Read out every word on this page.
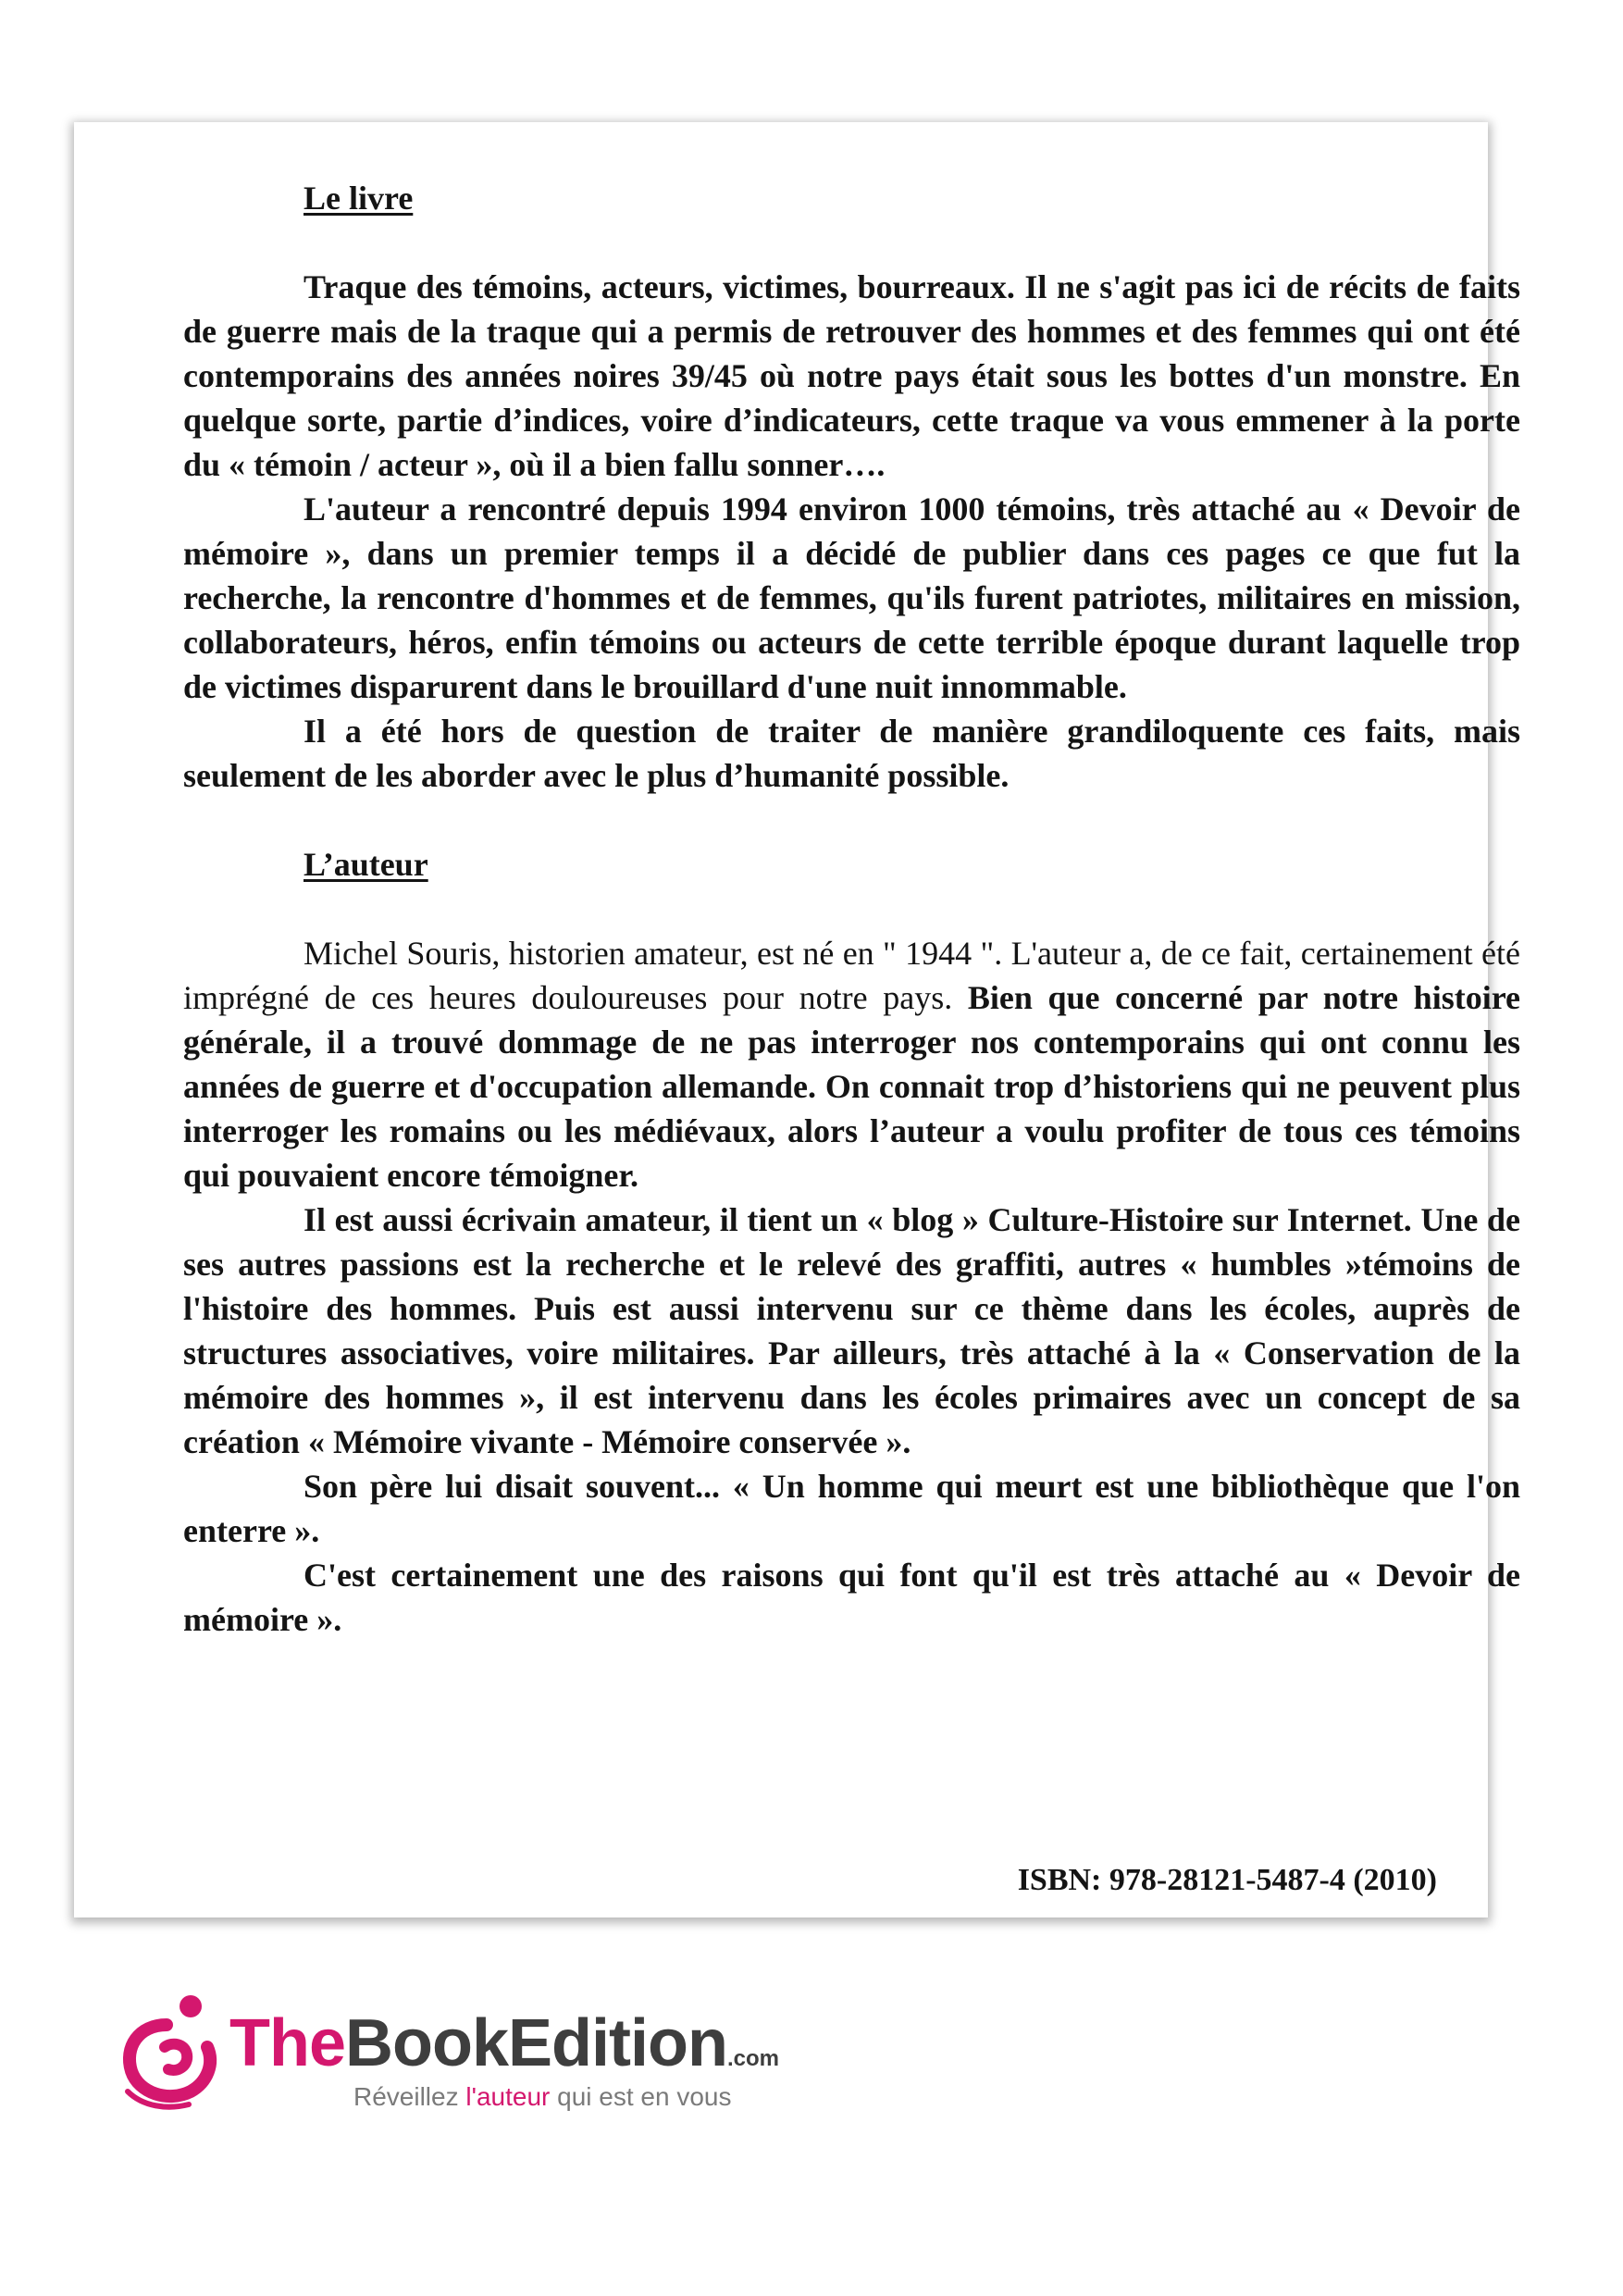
Le livre

Traque des témoins, acteurs, victimes, bourreaux. Il ne s'agit pas ici de récits de faits de guerre mais de la traque qui a permis de retrouver des hommes et des femmes qui ont été contemporains des années noires 39/45 où notre pays était sous les bottes d'un monstre. En quelque sorte, partie d’indices, voire d’indicateurs, cette traque va vous emmener à la porte du « témoin / acteur », où il a bien fallu sonner….

L'auteur a rencontré depuis 1994 environ 1000 témoins, très attaché au « Devoir de mémoire », dans un premier temps il a décidé de publier dans ces pages ce que fut la recherche, la rencontre d'hommes et de femmes, qu'ils furent patriotes, militaires en mission, collaborateurs, héros, enfin témoins ou acteurs de cette terrible époque durant laquelle trop de victimes disparurent dans le brouillard d'une nuit innommable.

Il a été hors de question de traiter de manière grandiloquente ces faits, mais seulement de les aborder avec le plus d’humanité possible.

L’auteur

Michel Souris, historien amateur, est né en " 1944 ". L'auteur a, de ce fait, certainement été imprégné de ces heures douloureuses pour notre pays. Bien que concerné par notre histoire générale, il a trouvé dommage de ne pas interroger nos contemporains qui ont connu les années de guerre et d'occupation allemande. On connait trop d’historiens qui ne peuvent plus interroger les romains ou les médiévaux, alors l’auteur a voulu profiter de tous ces témoins qui pouvaient encore témoigner.

Il est aussi écrivain amateur, il tient un « blog » Culture-Histoire sur Internet. Une de ses autres passions est la recherche et le relevé des graffiti, autres « humbles »témoins de l'histoire des hommes. Puis est aussi intervenu sur ce thème dans les écoles, auprès de structures associatives, voire militaires. Par ailleurs, très attaché à la « Conservation de la mémoire des hommes », il est intervenu dans les écoles primaires avec un concept de sa création « Mémoire vivante - Mémoire conservée ».

Son père lui disait souvent... « Un homme qui meurt est une bibliothèque que l'on enterre ».

C'est certainement une des raisons qui font qu'il est très attaché au « Devoir de mémoire ».

ISBN: 978-28121-5487-4 (2010)
TheBookEdition.com
Réveillez l'auteur qui est en vous
